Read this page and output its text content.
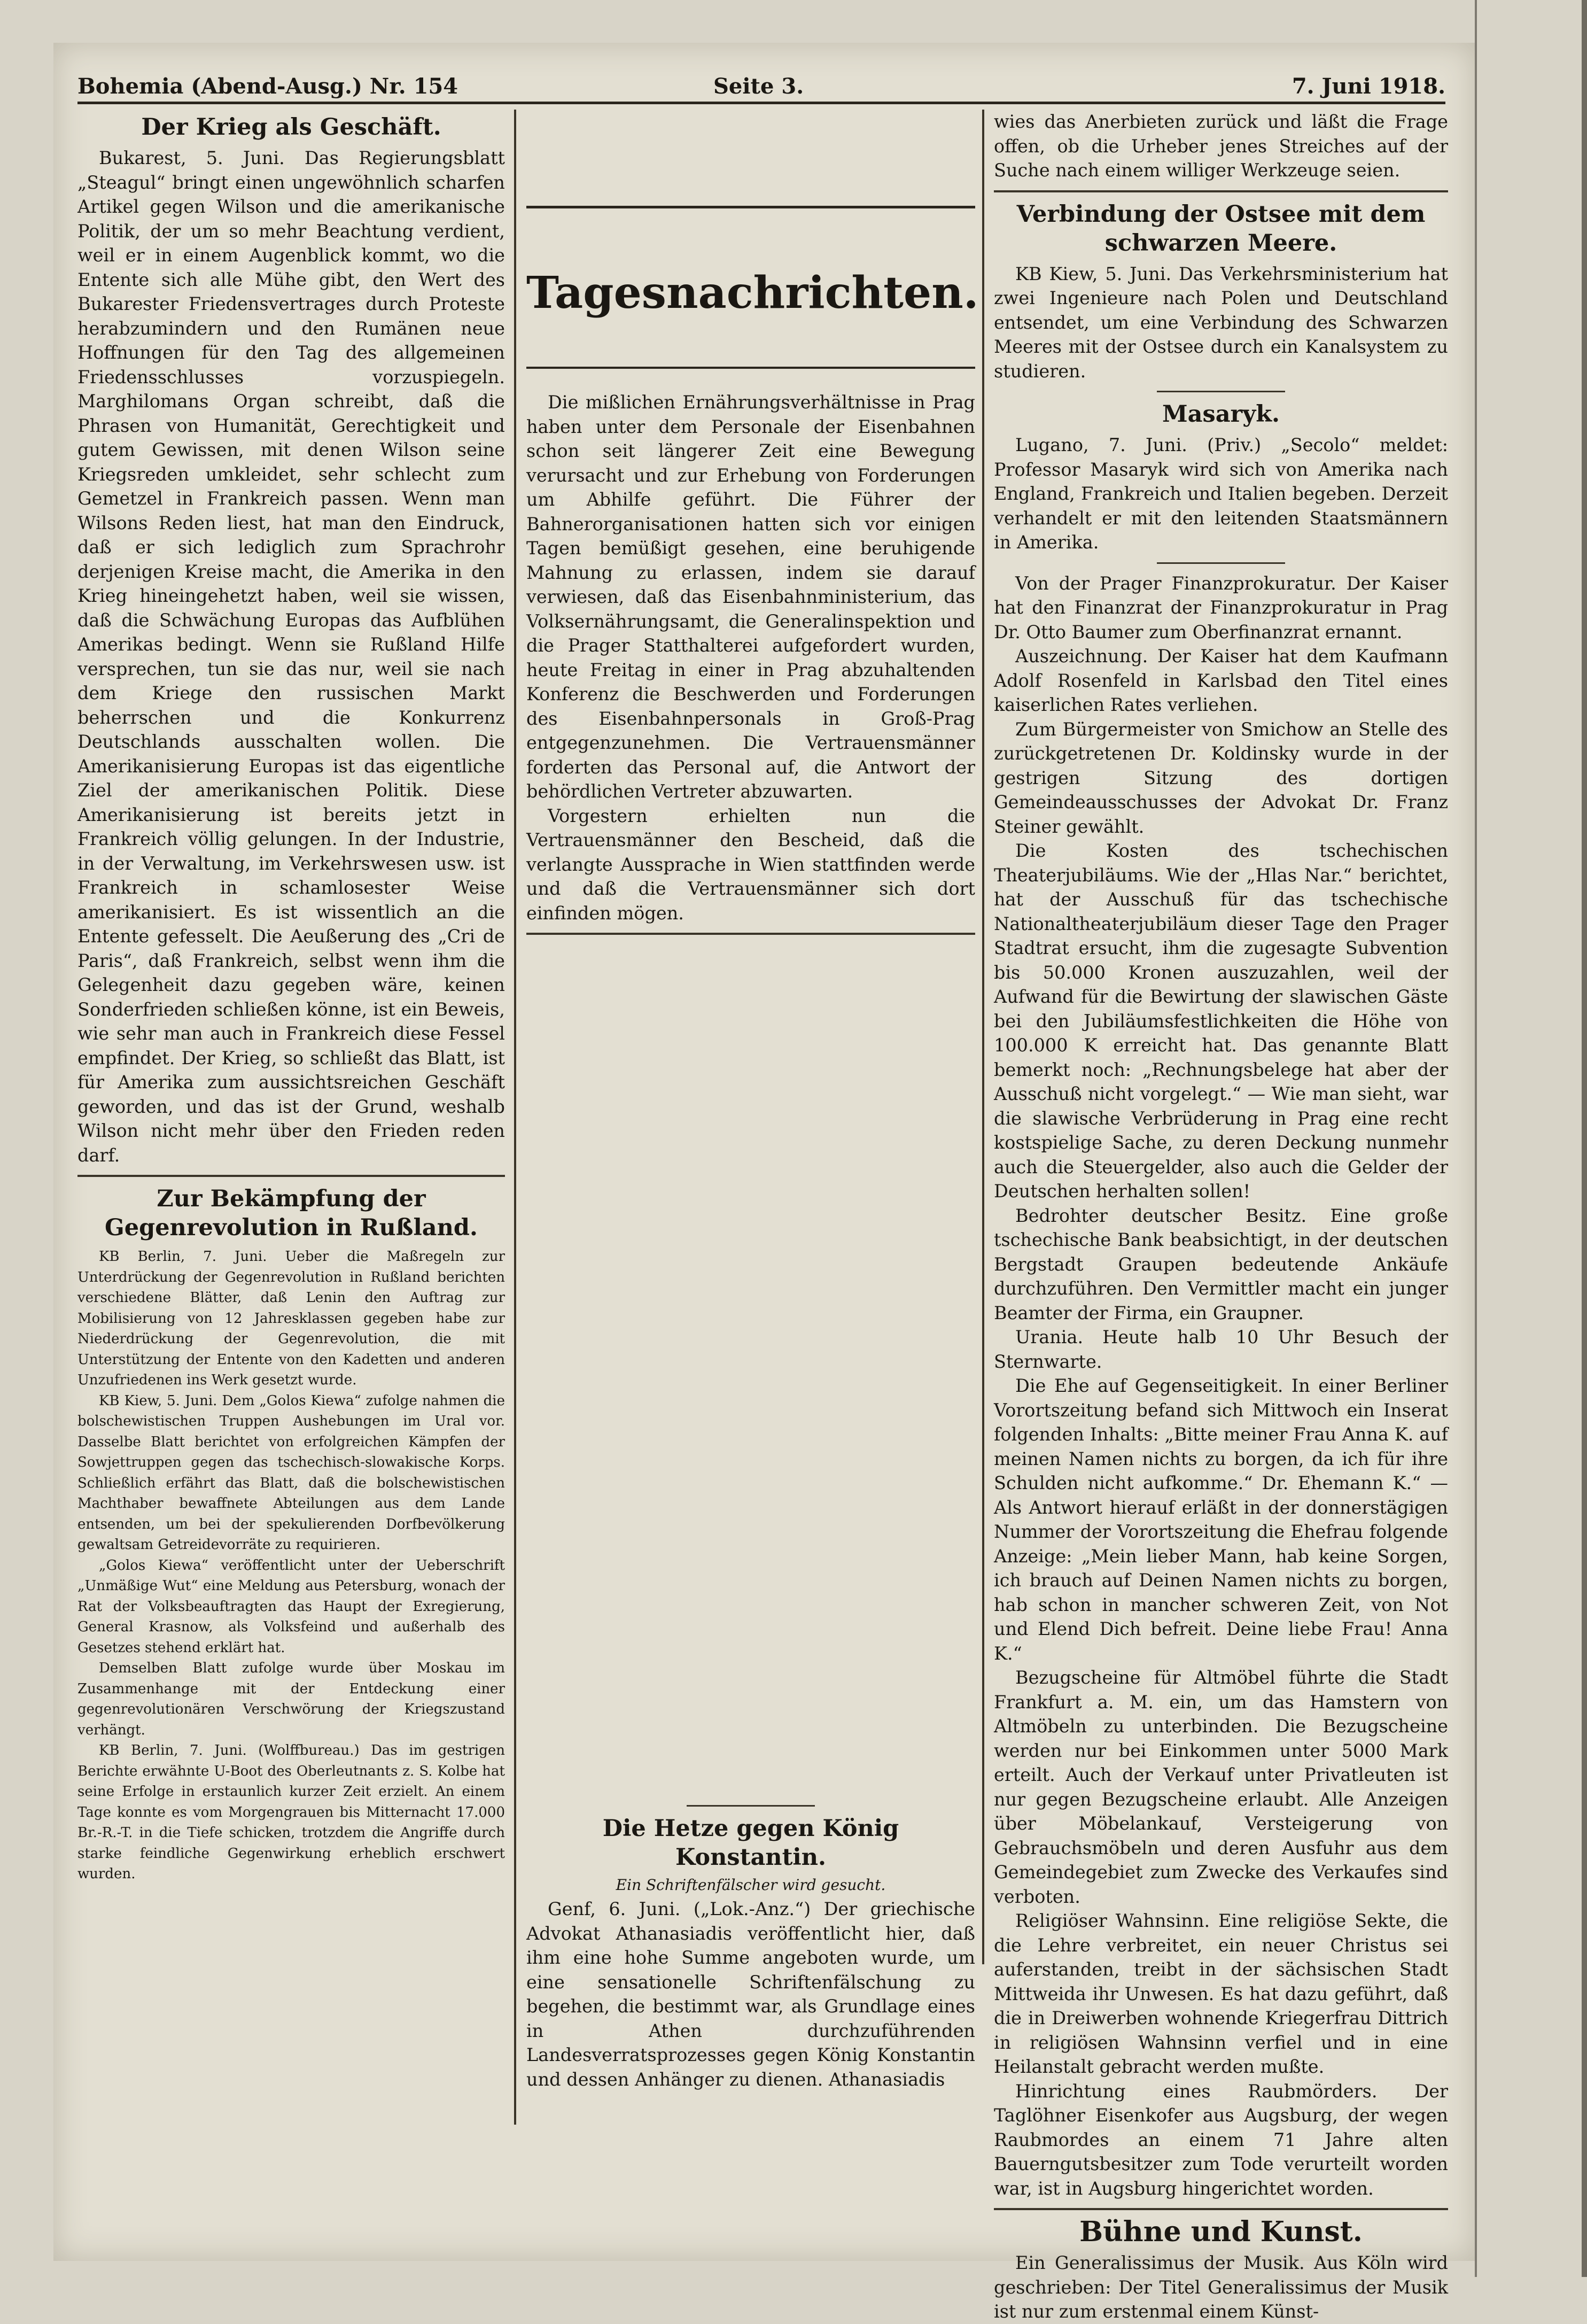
Bohemia (Abend-Ausg.) Nr. 154	Seite 3.	7. Juni 1918.
Der Krieg als Geschäft.

Bukarest, 5. Juni. Das Regierungsblatt „Steagul“ bringt einen ungewöhnlich scharfen Artikel gegen Wilson und die amerikanische Politik, der um so mehr Beachtung verdient, weil er in einem Augenblick kommt, wo die Entente sich alle Mühe gibt, den Wert des Bukarester Friedensvertrages durch Proteste herabzumindern und den Rumänen neue Hoffnungen für den Tag des allgemeinen Friedensschlusses vorzuspiegeln. Marghilomans Organ schreibt, daß die Phrasen von Humanität, Gerechtigkeit und gutem Gewissen, mit denen Wilson seine Kriegsreden umkleidet, sehr schlecht zum Gemetzel in Frankreich passen. Wenn man Wilsons Reden liest, hat man den Eindruck, daß er sich lediglich zum Sprachrohr derjenigen Kreise macht, die Amerika in den Krieg hineingehetzt haben, weil sie wissen, daß die Schwächung Europas das Aufblühen Amerikas bedingt. Wenn sie Rußland Hilfe versprechen, tun sie das nur, weil sie nach dem Kriege den russischen Markt beherrschen und die Konkurrenz Deutschlands ausschalten wollen. Die Amerikanisierung Europas ist das eigentliche Ziel der amerikanischen Politik. Diese Amerikanisierung ist bereits jetzt in Frankreich völlig gelungen. In der Industrie, in der Verwaltung, im Verkehrswesen usw. ist Frankreich in schamlosester Weise amerikanisiert. Es ist wissentlich an die Entente gefesselt. Die Aeußerung des „Cri de Paris“, daß Frankreich, selbst wenn ihm die Gelegenheit dazu gegeben wäre, keinen Sonderfrieden schließen könne, ist ein Beweis, wie sehr man auch in Frankreich diese Fessel empfindet. Der Krieg, so schließt das Blatt, ist für Amerika zum aussichtsreichen Geschäft geworden, und das ist der Grund, weshalb Wilson nicht mehr über den Frieden reden darf.

Zur Bekämpfung der Gegenrevolution in Rußland.

KB Berlin, 7. Juni. Ueber die Maßregeln zur Unterdrückung der Gegenrevolution in Rußland berichten verschiedene Blätter, daß Lenin den Auftrag zur Mobilisierung von 12 Jahresklassen gegeben habe zur Niederdrückung der Gegenrevolution, die mit Unterstützung der Entente von den Kadetten und anderen Unzufriedenen ins Werk gesetzt wurde.

KB Kiew, 5. Juni. Dem „Golos Kiewa“ zufolge nahmen die bolschewistischen Truppen Aushebungen im Ural vor. Dasselbe Blatt berichtet von erfolgreichen Kämpfen der Sowjettruppen gegen das tschechisch-slowakische Korps. Schließlich erfährt das Blatt, daß die bolschewistischen Machthaber bewaffnete Abteilungen aus dem Lande entsenden, um bei der spekulierenden Dorfbevölkerung gewaltsam Getreidevorräte zu requirieren.

„Golos Kiewa“ veröffentlicht unter der Ueberschrift „Unmäßige Wut“ eine Meldung aus Petersburg, wonach der Rat der Volksbeauftragten das Haupt der Exregierung, General Krasnow, als Volksfeind und außerhalb des Gesetzes stehend erklärt hat.

Demselben Blatt zufolge wurde über Moskau im Zusammenhange mit der Entdeckung einer gegenrevolutionären Verschwörung der Kriegszustand verhängt.

KB Berlin, 7. Juni. (Wolffbureau.) Das im gestrigen Berichte erwähnte U-Boot des Oberleutnants z. S. Kolbe hat seine Erfolge in erstaunlich kurzer Zeit erzielt. An einem Tage konnte es vom Morgengrauen bis Mitternacht 17.000 Br.-R.-T. in die Tiefe schicken, trotzdem die Angriffe durch starke feindliche Gegenwirkung erheblich erschwert wurden.

Tagesnachrichten.

Die mißlichen Ernährungsverhältnisse in Prag haben unter dem Personale der Eisenbahnen schon seit längerer Zeit eine Bewegung verursacht und zur Erhebung von Forderungen um Abhilfe geführt. Die Führer der Bahnerorganisationen hatten sich vor einigen Tagen bemüßigt gesehen, eine beruhigende Mahnung zu erlassen, indem sie darauf verwiesen, daß das Eisenbahnministerium, das Volksernährungsamt, die Generalinspektion und die Prager Statthalterei aufgefordert wurden, heute Freitag in einer in Prag abzuhaltenden Konferenz die Beschwerden und Forderungen des Eisenbahnpersonals in Groß-Prag entgegenzunehmen. Die Vertrauensmänner forderten das Personal auf, die Antwort der behördlichen Vertreter abzuwarten.

Vorgestern erhielten nun die Vertrauensmänner den Bescheid, daß die verlangte Aussprache in Wien stattfinden werde und daß die Vertrauensmänner sich dort einfinden mögen.

Die Hetze gegen König Konstantin.
Ein Schriftenfälscher wird gesucht.

Genf, 6. Juni. („Lok.-Anz.“) Der griechische Advokat Athanasiadis veröffentlicht hier, daß ihm eine hohe Summe angeboten wurde, um eine sensationelle Schriftenfälschung zu begehen, die bestimmt war, als Grundlage eines in Athen durchzuführenden Landesverratsprozesses gegen König Konstantin und dessen Anhänger zu dienen. Athanasiadis

wies das Anerbieten zurück und läßt die Frage offen, ob die Urheber jenes Streiches auf der Suche nach einem williger Werkzeuge seien.

Verbindung der Ostsee mit dem schwarzen Meere.

KB Kiew, 5. Juni. Das Verkehrsministerium hat zwei Ingenieure nach Polen und Deutschland entsendet, um eine Verbindung des Schwarzen Meeres mit der Ostsee durch ein Kanalsystem zu studieren.

Masaryk.

Lugano, 7. Juni. (Priv.) „Secolo“ meldet: Professor Masaryk wird sich von Amerika nach England, Frankreich und Italien begeben. Derzeit verhandelt er mit den leitenden Staatsmännern in Amerika.

Von der Prager Finanzprokuratur. Der Kaiser hat den Finanzrat der Finanzprokuratur in Prag Dr. Otto Baumer zum Oberfinanzrat ernannt.

Auszeichnung. Der Kaiser hat dem Kaufmann Adolf Rosenfeld in Karlsbad den Titel eines kaiserlichen Rates verliehen.

Zum Bürgermeister von Smichow an Stelle des zurückgetretenen Dr. Koldinsky wurde in der gestrigen Sitzung des dortigen Gemeindeausschusses der Advokat Dr. Franz Steiner gewählt.

Die Kosten des tschechischen Theaterjubiläums. Wie der „Hlas Nar.“ berichtet, hat der Ausschuß für das tschechische Nationaltheaterjubiläum dieser Tage den Prager Stadtrat ersucht, ihm die zugesagte Subvention bis 50.000 Kronen auszuzahlen, weil der Aufwand für die Bewirtung der slawischen Gäste bei den Jubiläumsfestlichkeiten die Höhe von 100.000 K erreicht hat. Das genannte Blatt bemerkt noch: „Rechnungsbelege hat aber der Ausschuß nicht vorgelegt.“ — Wie man sieht, war die slawische Verbrüderung in Prag eine recht kostspielige Sache, zu deren Deckung nunmehr auch die Steuergelder, also auch die Gelder der Deutschen herhalten sollen!

Bedrohter deutscher Besitz. Eine große tschechische Bank beabsichtigt, in der deutschen Bergstadt Graupen bedeutende Ankäufe durchzuführen. Den Vermittler macht ein junger Beamter der Firma, ein Graupner.

Urania. Heute halb 10 Uhr Besuch der Sternwarte.

Die Ehe auf Gegenseitigkeit. In einer Berliner Vorortszeitung befand sich Mittwoch ein Inserat folgenden Inhalts: „Bitte meiner Frau Anna K. auf meinen Namen nichts zu borgen, da ich für ihre Schulden nicht aufkomme.“ Dr. Ehemann K.“ — Als Antwort hierauf erläßt in der donnerstägigen Nummer der Vorortszeitung die Ehefrau folgende Anzeige: „Mein lieber Mann, hab keine Sorgen, ich brauch auf Deinen Namen nichts zu borgen, hab schon in mancher schweren Zeit, von Not und Elend Dich befreit. Deine liebe Frau! Anna K.“

Bezugscheine für Altmöbel führte die Stadt Frankfurt a. M. ein, um das Hamstern von Altmöbeln zu unterbinden. Die Bezugscheine werden nur bei Einkommen unter 5000 Mark erteilt. Auch der Verkauf unter Privatleuten ist nur gegen Bezugscheine erlaubt. Alle Anzeigen über Möbelankauf, Versteigerung von Gebrauchsmöbeln und deren Ausfuhr aus dem Gemeindegebiet zum Zwecke des Verkaufes sind verboten.

Religiöser Wahnsinn. Eine religiöse Sekte, die die Lehre verbreitet, ein neuer Christus sei auferstanden, treibt in der sächsischen Stadt Mittweida ihr Unwesen. Es hat dazu geführt, daß die in Dreiwerben wohnende Kriegerfrau Dittrich in religiösen Wahnsinn verfiel und in eine Heilanstalt gebracht werden mußte.

Hinrichtung eines Raubmörders. Der Taglöhner Eisenkofer aus Augsburg, der wegen Raubmordes an einem 71 Jahre alten Bauerngutsbesitzer zum Tode verurteilt worden war, ist in Augsburg hingerichtet worden.

Bühne und Kunst.

Ein Generalissimus der Musik. Aus Köln wird geschrieben: Der Titel Generalissimus der Musik ist nur zum erstenmal einem Künst-
